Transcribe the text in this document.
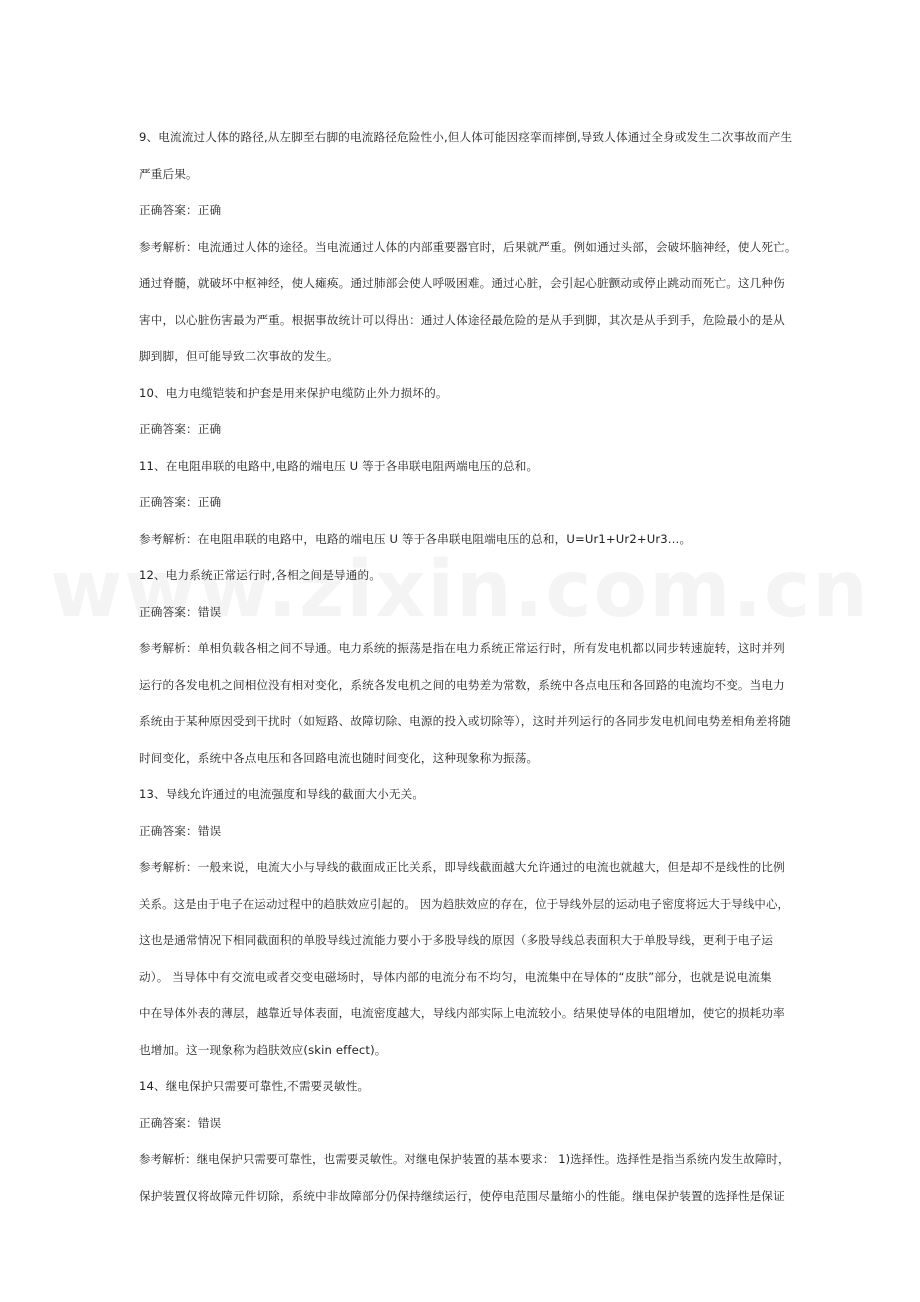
9、电流流过人体的路径,从左脚至右脚的电流路径危险性小,但人体可能因痉挛而摔倒,导致人体通过全身或发生二次事故而产生
严重后果。
正确答案：正确
参考解析：电流通过人体的途径。当电流通过人体的内部重要器官时，后果就严重。例如通过头部，会破坏脑神经，使人死亡。
通过脊髓，就破坏中枢神经，使人瘫痪。通过肺部会使人呼吸困难。通过心脏，会引起心脏颤动或停止跳动而死亡。这几种伤
害中，以心脏伤害最为严重。根据事故统计可以得出：通过人体途径最危险的是从手到脚，其次是从手到手，危险最小的是从
脚到脚，但可能导致二次事故的发生。
10、电力电缆铠装和护套是用来保护电缆防止外力损坏的。
正确答案：正确
11、在电阻串联的电路中,电路的端电压 U 等于各串联电阻两端电压的总和。
正确答案：正确
参考解析：在电阻串联的电路中，电路的端电压 U 等于各串联电阻端电压的总和，U=Ur1+Ur2+Ur3…。
12、电力系统正常运行时,各相之间是导通的。
正确答案：错误
参考解析：单相负载各相之间不导通。电力系统的振荡是指在电力系统正常运行时，所有发电机都以同步转速旋转，这时并列
运行的各发电机之间相位没有相对变化，系统各发电机之间的电势差为常数，系统中各点电压和各回路的电流均不变。当电力
系统由于某种原因受到干扰时（如短路、故障切除、电源的投入或切除等），这时并列运行的各同步发电机间电势差相角差将随
时间变化，系统中各点电压和各回路电流也随时间变化，这种现象称为振荡。
13、导线允许通过的电流强度和导线的截面大小无关。
正确答案：错误
参考解析：一般来说，电流大小与导线的截面成正比关系，即导线截面越大允许通过的电流也就越大，但是却不是线性的比例
关系。这是由于电子在运动过程中的趋肤效应引起的。 因为趋肤效应的存在，位于导线外层的运动电子密度将远大于导线中心，
这也是通常情况下相同截面积的单股导线过流能力要小于多股导线的原因（多股导线总表面积大于单股导线，更利于电子运
动）。 当导体中有交流电或者交变电磁场时，导体内部的电流分布不均匀，电流集中在导体的“皮肤”部分，也就是说电流集
中在导体外表的薄层，越靠近导体表面，电流密度越大，导线内部实际上电流较小。结果使导体的电阻增加，使它的损耗功率
也增加。这一现象称为趋肤效应(skin effect)。
14、继电保护只需要可靠性,不需要灵敏性。
正确答案：错误
参考解析：继电保护只需要可靠性，也需要灵敏性。对继电保护装置的基本要求： 1)选择性。选择性是指当系统内发生故障时，
保护装置仅将故障元件切除，系统中非故障部分仍保持继续运行，使停电范围尽量缩小的性能。继电保护装置的选择性是保证
